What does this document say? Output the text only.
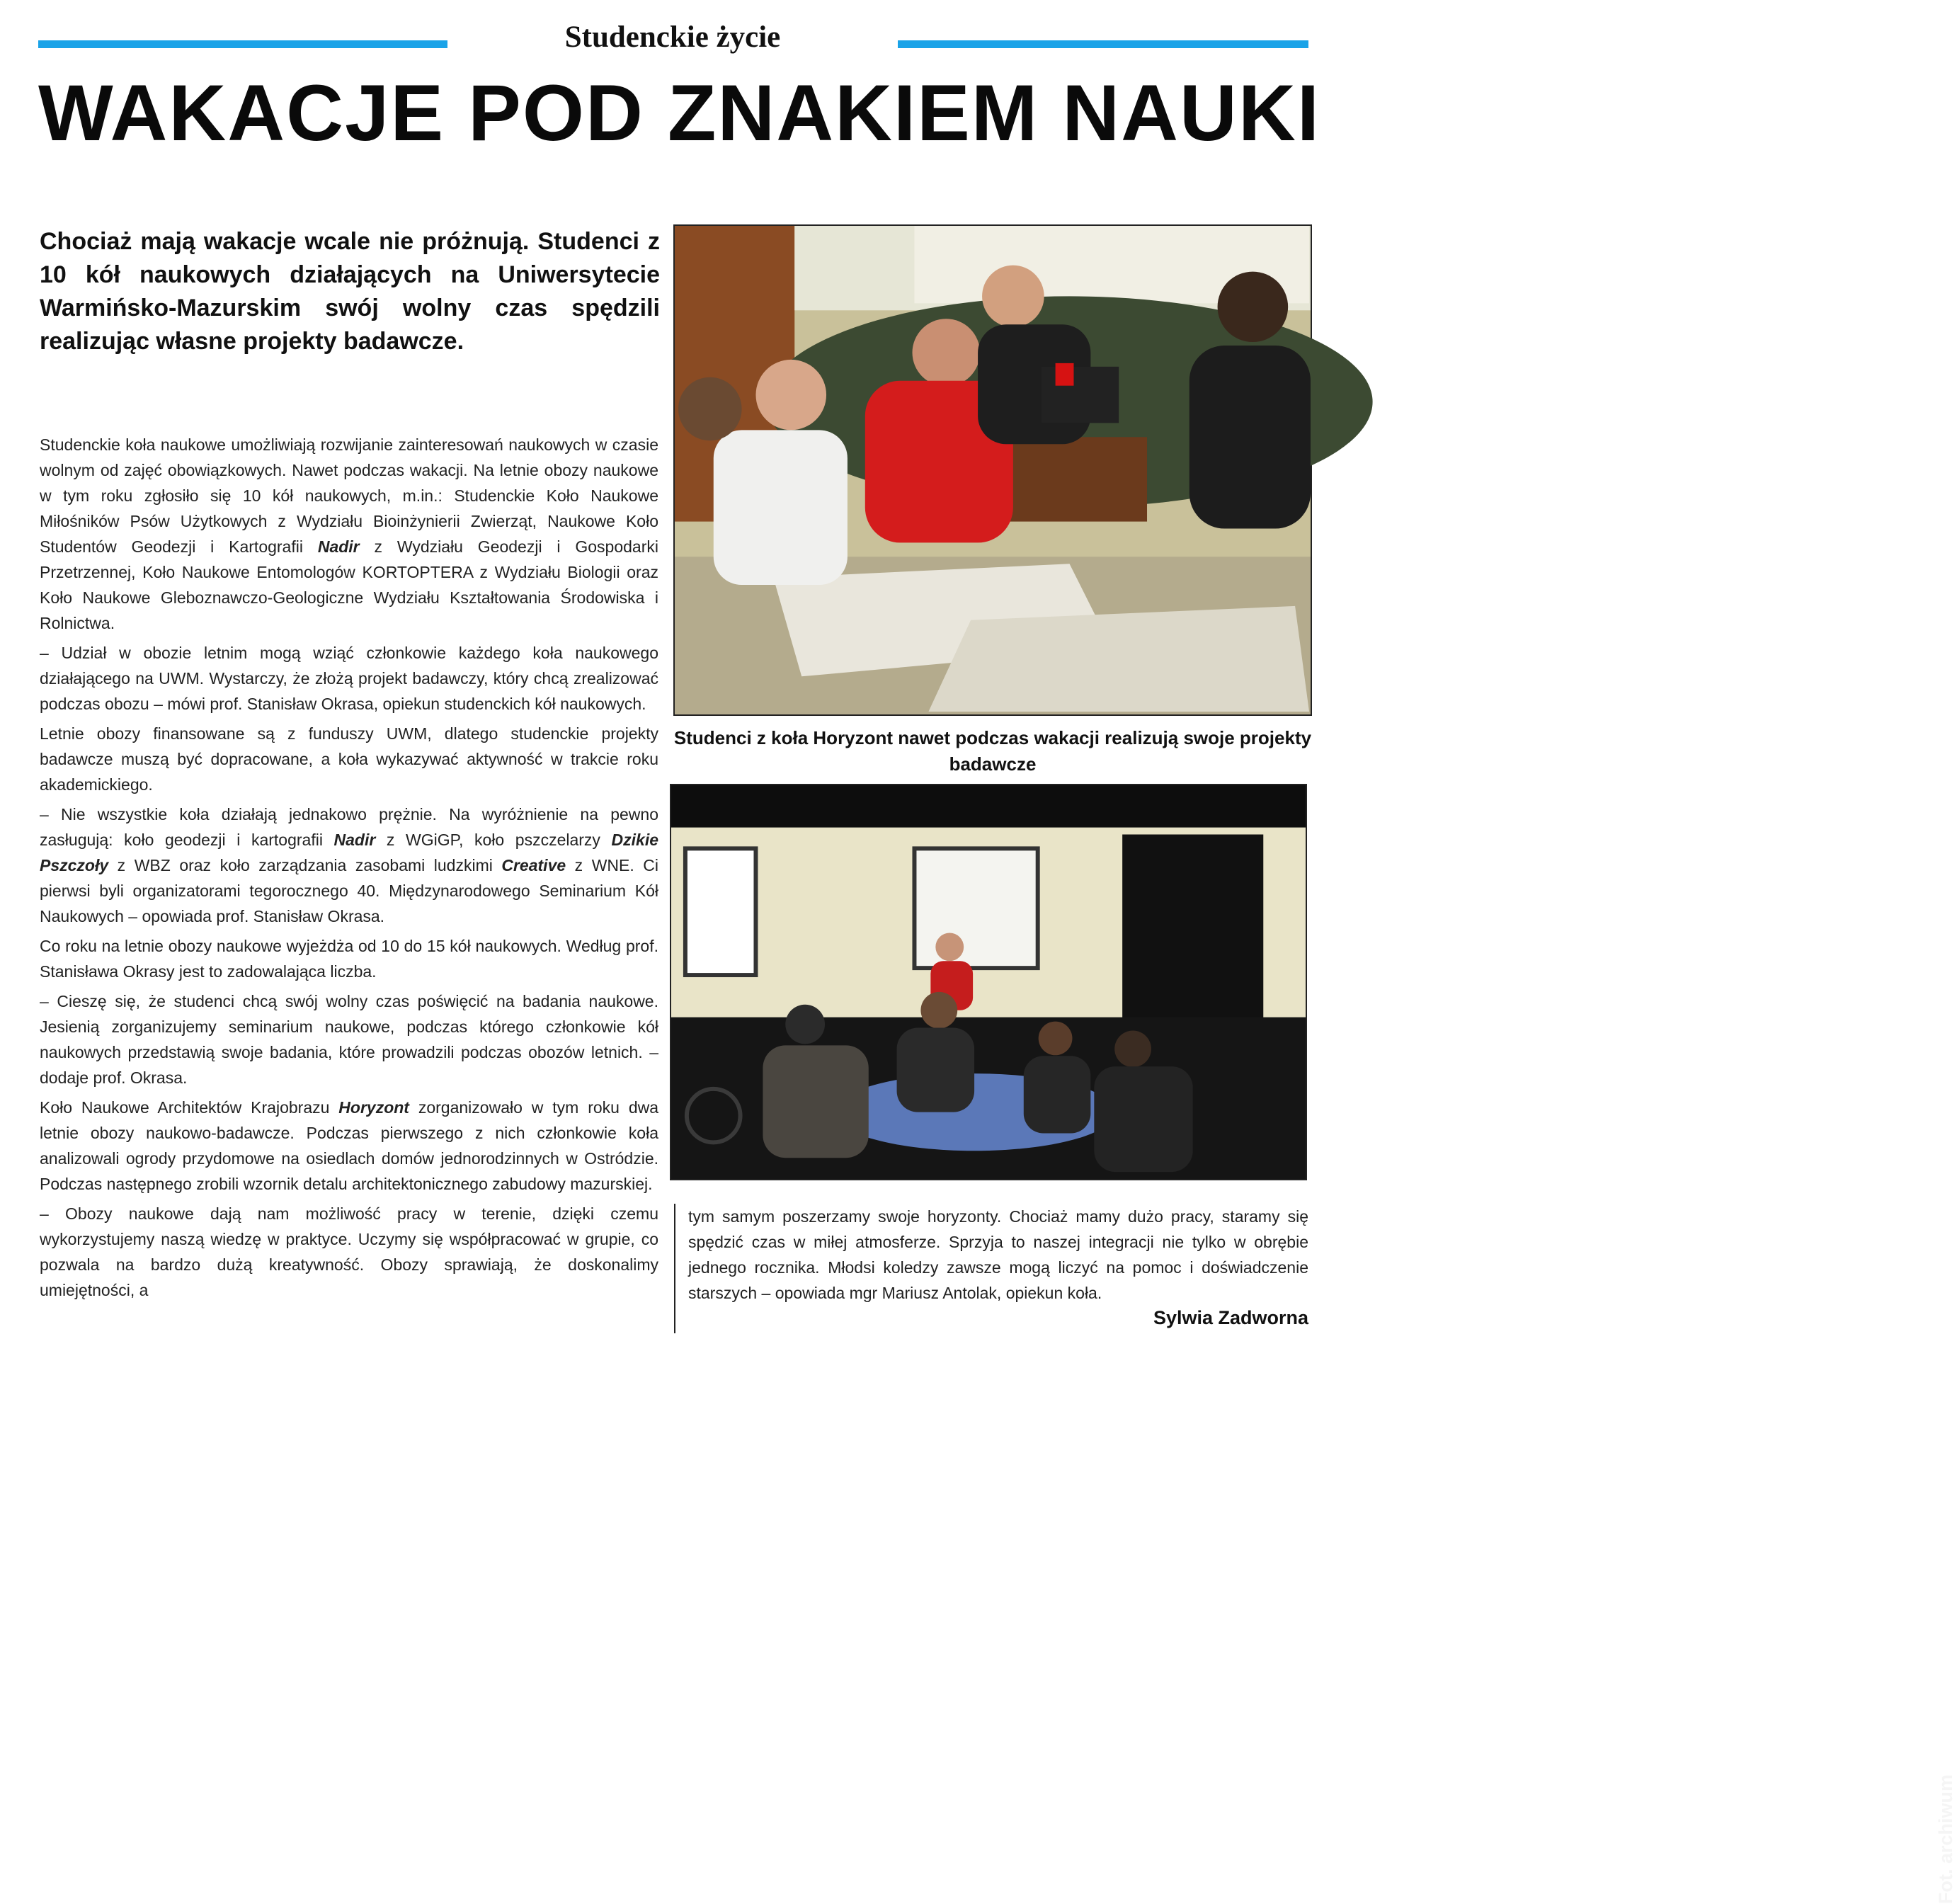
Studenckie życie
WAKACJE POD ZNAKIEM NAUKI
Chociaż mają wakacje wcale nie próżnują. Studenci z 10 kół naukowych działających na Uniwersytecie Warmińsko-Mazurskim swój wolny czas spędzili realizując własne projekty badawcze.

Studenckie koła naukowe umożliwiają rozwijanie zainteresowań naukowych w czasie wolnym od zajęć obowiązkowych. Nawet podczas wakacji. Na letnie obozy naukowe w tym roku zgłosiło się 10 kół naukowych, m.in.: Studenckie Koło Naukowe Miłośników Psów Użytkowych z Wydziału Bioinżynierii Zwierząt, Naukowe Koło Studentów Geodezji i Kartografii Nadir z Wydziału Geodezji i Gospodarki Przetrzennej, Koło Naukowe Entomologów KORTOPTERA z Wydziału Biologii oraz Koło Naukowe Gleboznawczo-Geologiczne Wydziału Kształtowania Środowiska i Rolnictwa.

– Udział w obozie letnim mogą wziąć członkowie każdego koła naukowego działającego na UWM. Wystarczy, że złożą projekt badawczy, który chcą zrealizować podczas obozu – mówi prof. Stanisław Okrasa, opiekun studenckich kół naukowych.

Letnie obozy finansowane są z funduszy UWM, dlatego studenckie projekty badawcze muszą być dopracowane, a koła wykazywać aktywność w trakcie roku akademickiego.

– Nie wszystkie koła działają jednakowo prężnie. Na wyróżnienie na pewno zasługują: koło geodezji i kartografii Nadir z WGiGP, koło pszczelarzy Dzikie Pszczoły z WBZ oraz koło zarządzania zasobami ludzkimi Creative z WNE. Ci pierwsi byli organizatorami tegorocznego 40. Międzynarodowego Seminarium Kół Naukowych – opowiada prof. Stanisław Okrasa.

Co roku na letnie obozy naukowe wyjeżdża od 10 do 15 kół naukowych. Według prof. Stanisława Okrasy jest to zadowalająca liczba.

– Cieszę się, że studenci chcą swój wolny czas poświęcić na badania naukowe. Jesienią zorganizujemy seminarium naukowe, podczas którego członkowie kół naukowych przedstawią swoje badania, które prowadzili podczas obozów letnich. – dodaje prof. Okrasa.

Koło Naukowe Architektów Krajobrazu Horyzont zorganizowało w tym roku dwa letnie obozy naukowo-badawcze. Podczas pierwszego z nich członkowie koła analizowali ogrody przydomowe na osiedlach domów jednorodzinnych w Ostródzie. Podczas następnego zrobili wzornik detalu architektonicznego zabudowy mazurskiej.

– Obozy naukowe dają nam możliwość pracy w terenie, dzięki czemu wykorzystujemy naszą wiedzę w praktyce. Uczymy się współpracować w grupie, co pozwala na bardzo dużą kreatywność. Obozy sprawiają, że doskonalimy umiejętności, a

Studenci z koła Horyzont nawet podczas wakacji realizują swoje projekty badawcze
Fot. archiwum
tym samym poszerzamy swoje horyzonty. Chociaż mamy dużo pracy, staramy się spędzić czas w miłej atmosferze. Sprzyja to naszej integracji nie tylko w obrębie jednego rocznika. Młodsi koledzy zawsze mogą liczyć na pomoc i doświadczenie starszych – opowiada mgr Mariusz Antolak, opiekun koła.
Sylwia Zadworna
